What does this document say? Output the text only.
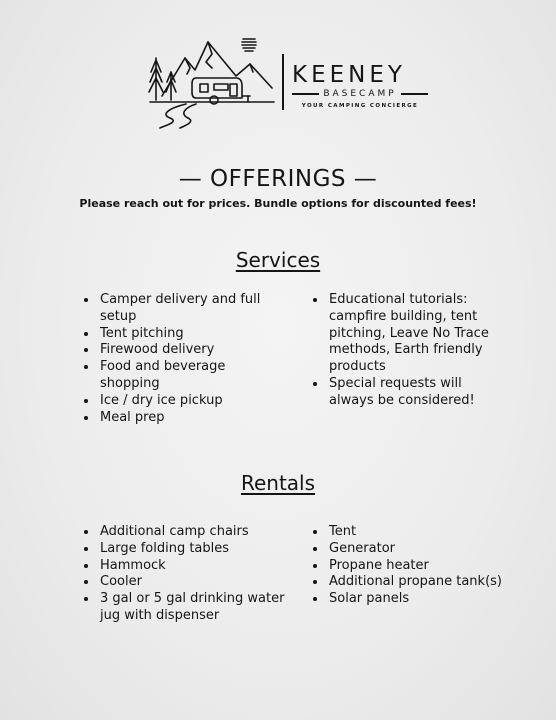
KEENEY
BASECAMP
YOUR CAMPING CONCIERGE
— OFFERINGS —
Please reach out for prices. Bundle options for discounted fees!
Services
• Camper delivery and full setup
• Tent pitching
• Firewood delivery
• Food and beverage shopping
• Ice / dry ice pickup
• Meal prep
• Educational tutorials: campfire building, tent pitching, Leave No Trace methods, Earth friendly products
• Special requests will always be considered!
Rentals
• Additional camp chairs
• Large folding tables
• Hammock
• Cooler
• 3 gal or 5 gal drinking water jug with dispenser
• Tent
• Generator
• Propane heater
• Additional propane tank(s)
• Solar panels
